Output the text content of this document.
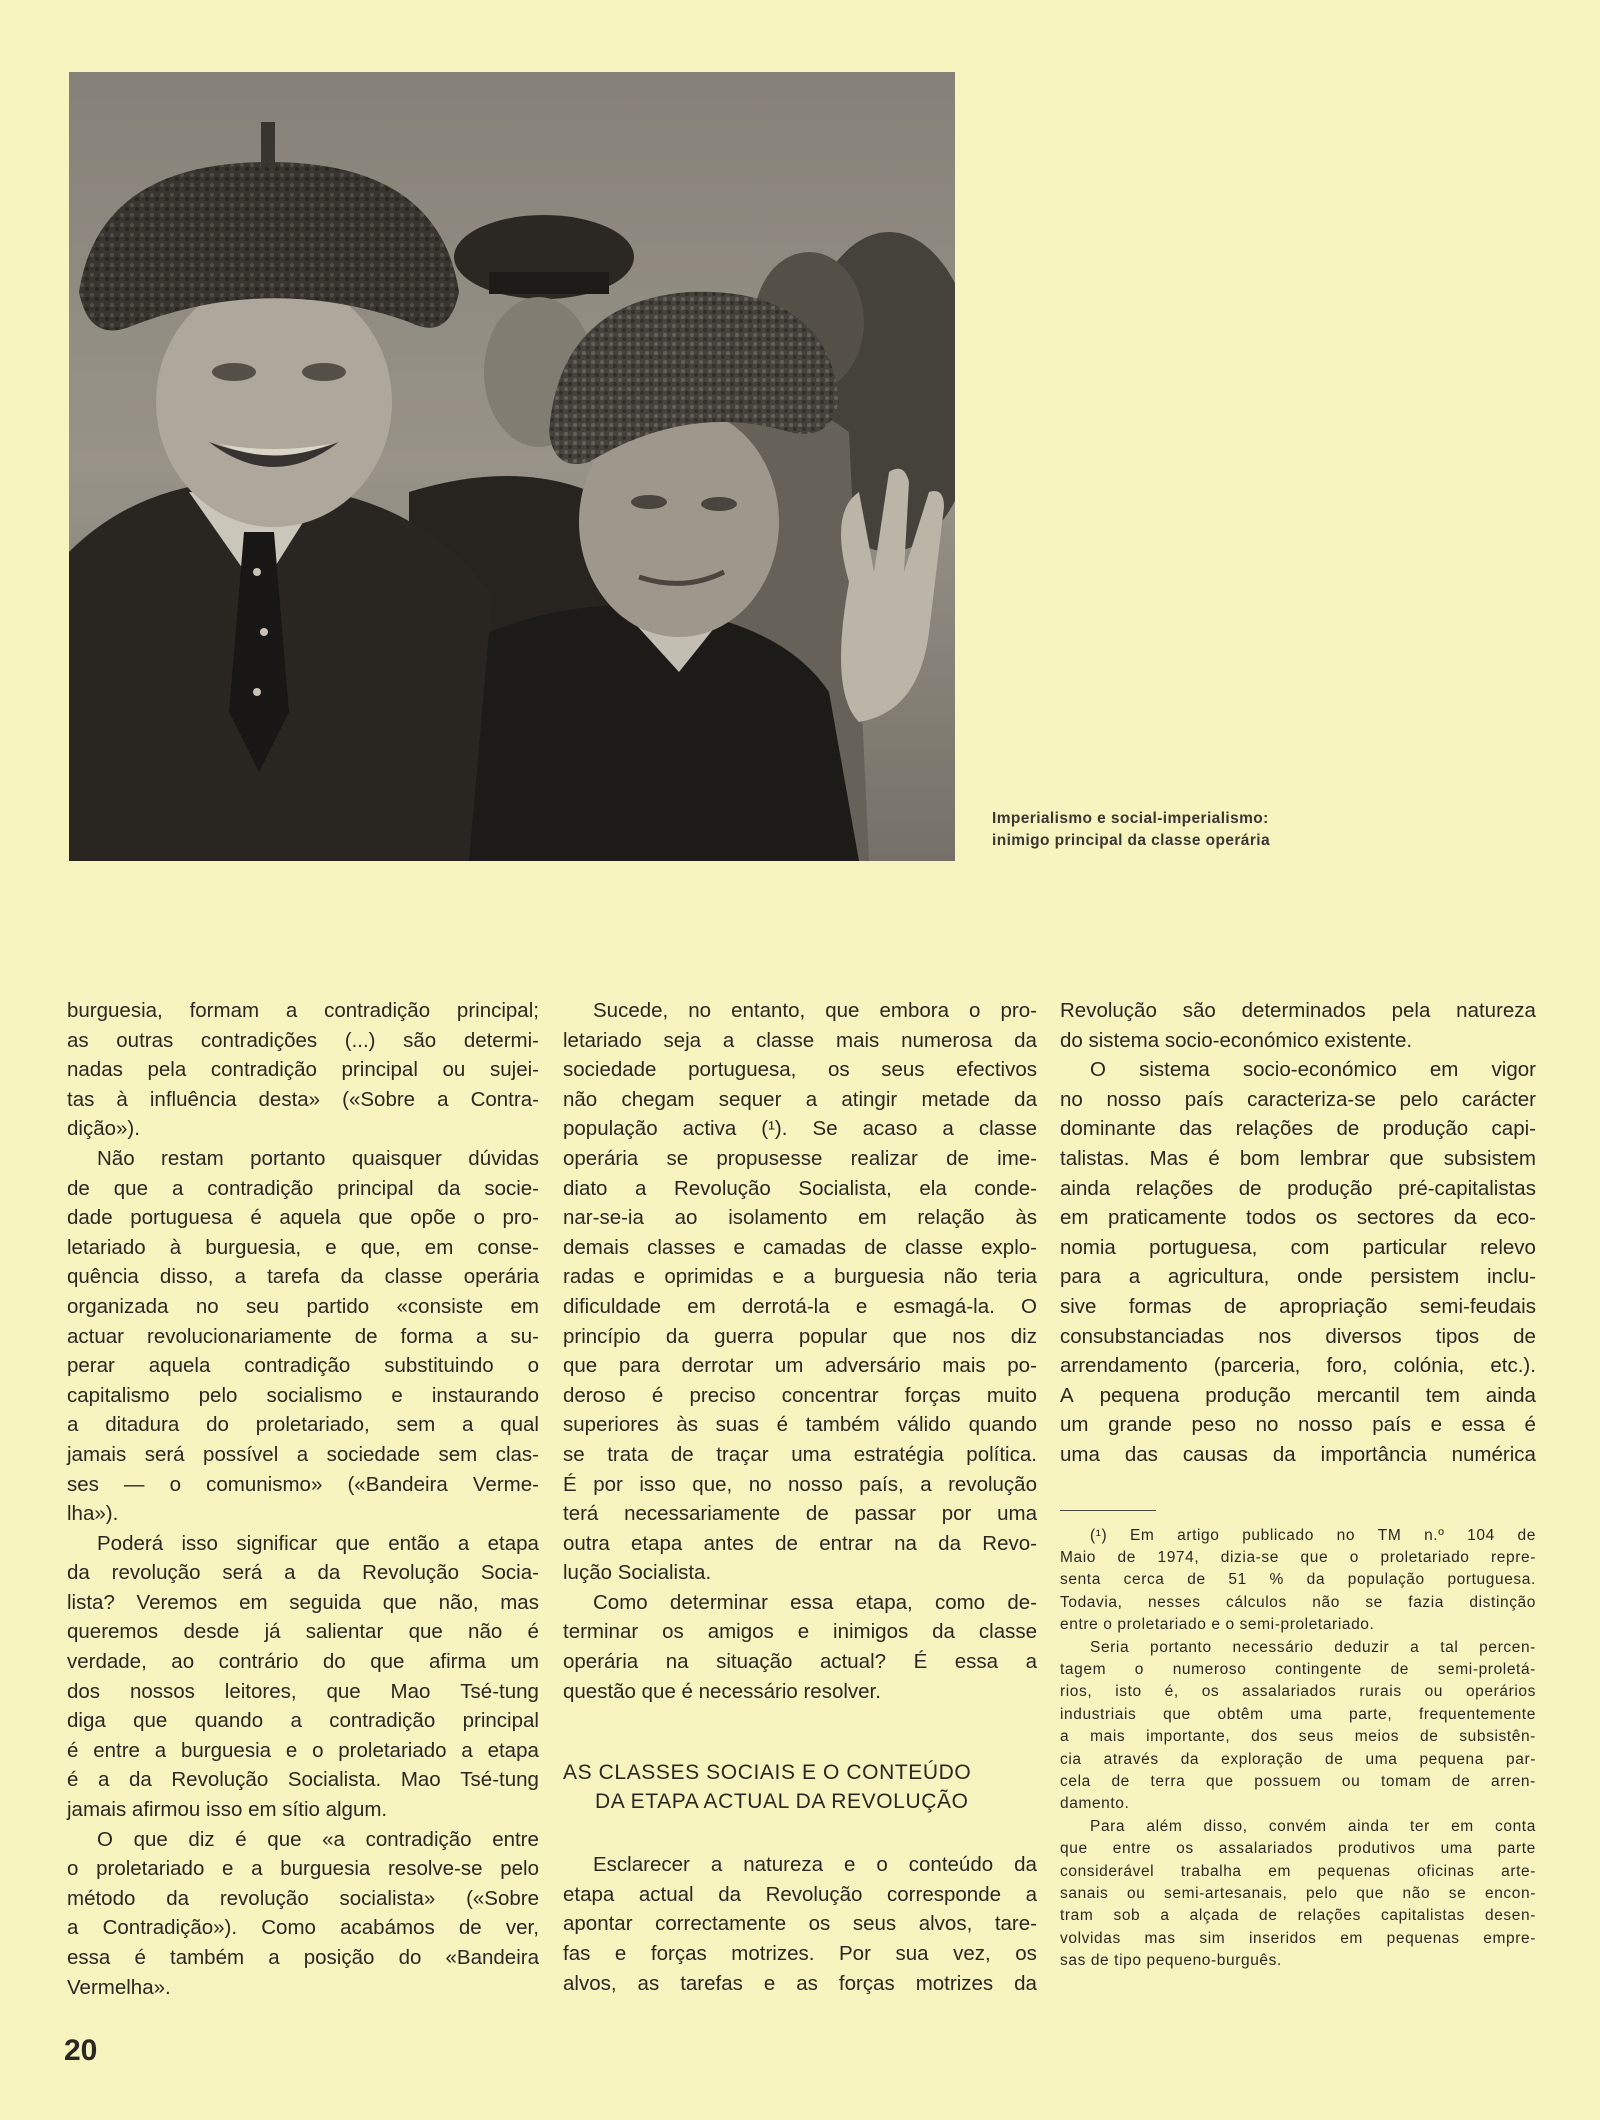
Imperialismo e social-imperialismo:
inimigo principal da classe operária
burguesia, formam a contradição principal;
as outras contradições (...) são determi-
nadas pela contradição principal ou sujei-
tas à influência desta» («Sobre a Contra-
dição»).
Não restam portanto quaisquer dúvidas
de que a contradição principal da socie-
dade portuguesa é aquela que opõe o pro-
letariado à burguesia, e que, em conse-
quência disso, a tarefa da classe operária
organizada no seu partido «consiste em
actuar revolucionariamente de forma a su-
perar aquela contradição substituindo o
capitalismo pelo socialismo e instaurando
a ditadura do proletariado, sem a qual
jamais será possível a sociedade sem clas-
ses — o comunismo» («Bandeira Verme-
lha»).
Poderá isso significar que então a etapa
da revolução será a da Revolução Socia-
lista? Veremos em seguida que não, mas
queremos desde já salientar que não é
verdade, ao contrário do que afirma um
dos nossos leitores, que Mao Tsé-tung
diga que quando a contradição principal
é entre a burguesia e o proletariado a etapa
é a da Revolução Socialista. Mao Tsé-tung
jamais afirmou isso em sítio algum.
O que diz é que «a contradição entre
o proletariado e a burguesia resolve-se pelo
método da revolução socialista» («Sobre
a Contradição»). Como acabámos de ver,
essa é também a posição do «Bandeira
Vermelha».
Sucede, no entanto, que embora o pro-
letariado seja a classe mais numerosa da
sociedade portuguesa, os seus efectivos
não chegam sequer a atingir metade da
população activa (¹). Se acaso a classe
operária se propusesse realizar de ime-
diato a Revolução Socialista, ela conde-
nar-se-ia ao isolamento em relação às
demais classes e camadas de classe explo-
radas e oprimidas e a burguesia não teria
dificuldade em derrotá-la e esmagá-la. O
princípio da guerra popular que nos diz
que para derrotar um adversário mais po-
deroso é preciso concentrar forças muito
superiores às suas é também válido quando
se trata de traçar uma estratégia política.
É por isso que, no nosso país, a revolução
terá necessariamente de passar por uma
outra etapa antes de entrar na da Revo-
lução Socialista.
Como determinar essa etapa, como de-
terminar os amigos e inimigos da classe
operária na situação actual? É essa a
questão que é necessário resolver.
AS CLASSES SOCIAIS E O CONTEÚDO
DA ETAPA ACTUAL DA REVOLUÇÃO
Esclarecer a natureza e o conteúdo da
etapa actual da Revolução corresponde a
apontar correctamente os seus alvos, tare-
fas e forças motrizes. Por sua vez, os
alvos, as tarefas e as forças motrizes da
Revolução são determinados pela natureza
do sistema socio-económico existente.
O sistema socio-económico em vigor
no nosso país caracteriza-se pelo carácter
dominante das relações de produção capi-
talistas. Mas é bom lembrar que subsistem
ainda relações de produção pré-capitalistas
em praticamente todos os sectores da eco-
nomia portuguesa, com particular relevo
para a agricultura, onde persistem inclu-
sive formas de apropriação semi-feudais
consubstanciadas nos diversos tipos de
arrendamento (parceria, foro, colónia, etc.).
A pequena produção mercantil tem ainda
um grande peso no nosso país e essa é
uma das causas da importância numérica
(¹) Em artigo publicado no TM n.º 104 de
Maio de 1974, dizia-se que o proletariado repre-
senta cerca de 51 % da população portuguesa.
Todavia, nesses cálculos não se fazia distinção
entre o proletariado e o semi-proletariado.
Seria portanto necessário deduzir a tal percen-
tagem o numeroso contingente de semi-proletá-
rios, isto é, os assalariados rurais ou operários
industriais que obtêm uma parte, frequentemente
a mais importante, dos seus meios de subsistên-
cia através da exploração de uma pequena par-
cela de terra que possuem ou tomam de arren-
damento.
Para além disso, convém ainda ter em conta
que entre os assalariados produtivos uma parte
considerável trabalha em pequenas oficinas arte-
sanais ou semi-artesanais, pelo que não se encon-
tram sob a alçada de relações capitalistas desen-
volvidas mas sim inseridos em pequenas empre-
sas de tipo pequeno-burguês.
20
